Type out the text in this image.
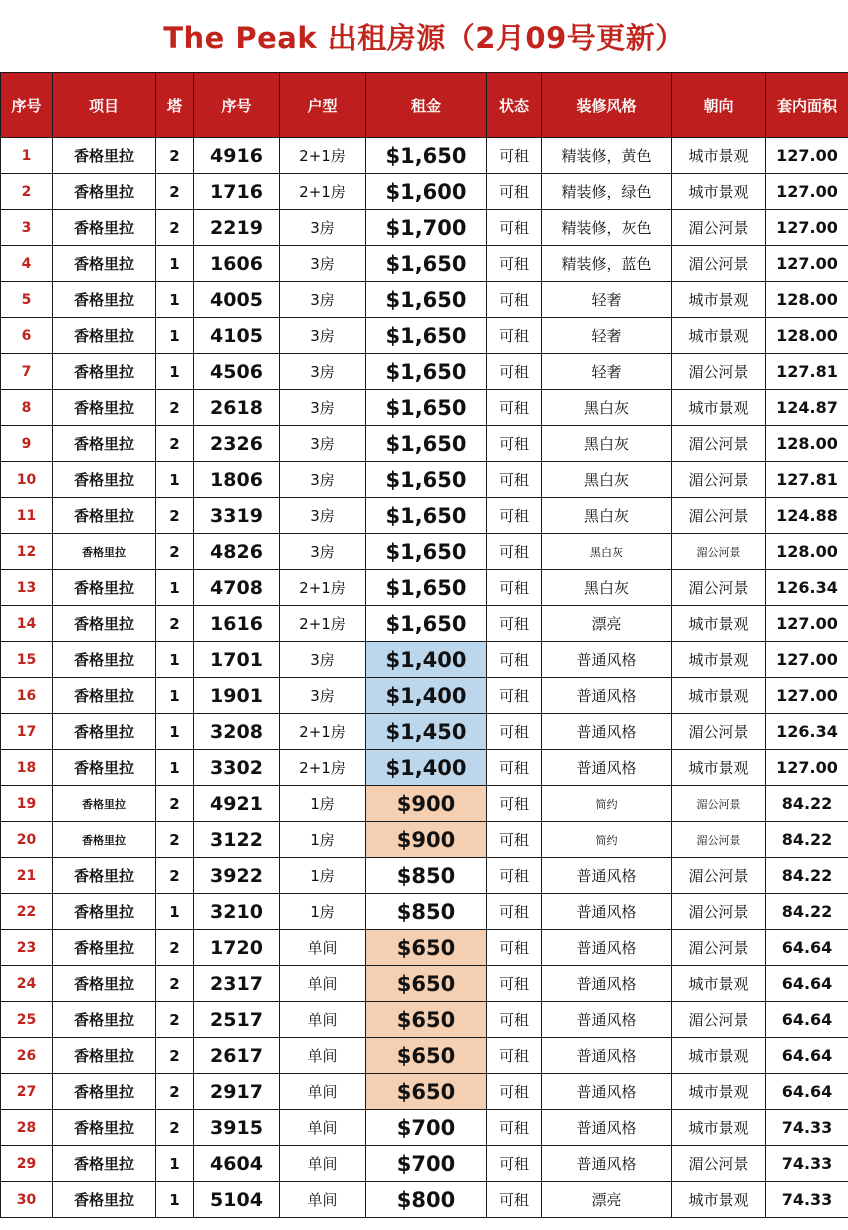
The Peak 出租房源（2月09号更新）
序号	项目	塔	序号	户型	租金	状态	装修风格	朝向	套内面积
1	香格里拉	2	4916	2+1房	$1,650	可租	精装修，黄色	城市景观	127.00
2	香格里拉	2	1716	2+1房	$1,600	可租	精装修，绿色	城市景观	127.00
3	香格里拉	2	2219	3房	$1,700	可租	精装修，灰色	湄公河景	127.00
4	香格里拉	1	1606	3房	$1,650	可租	精装修，蓝色	湄公河景	127.00
5	香格里拉	1	4005	3房	$1,650	可租	轻奢	城市景观	128.00
6	香格里拉	1	4105	3房	$1,650	可租	轻奢	城市景观	128.00
7	香格里拉	1	4506	3房	$1,650	可租	轻奢	湄公河景	127.81
8	香格里拉	2	2618	3房	$1,650	可租	黑白灰	城市景观	124.87
9	香格里拉	2	2326	3房	$1,650	可租	黑白灰	湄公河景	128.00
10	香格里拉	1	1806	3房	$1,650	可租	黑白灰	湄公河景	127.81
11	香格里拉	2	3319	3房	$1,650	可租	黑白灰	湄公河景	124.88
12	香格里拉	2	4826	3房	$1,650	可租	黑白灰	湄公河景	128.00
13	香格里拉	1	4708	2+1房	$1,650	可租	黑白灰	湄公河景	126.34
14	香格里拉	2	1616	2+1房	$1,650	可租	漂亮	城市景观	127.00
15	香格里拉	1	1701	3房	$1,400	可租	普通风格	城市景观	127.00
16	香格里拉	1	1901	3房	$1,400	可租	普通风格	城市景观	127.00
17	香格里拉	1	3208	2+1房	$1,450	可租	普通风格	湄公河景	126.34
18	香格里拉	1	3302	2+1房	$1,400	可租	普通风格	城市景观	127.00
19	香格里拉	2	4921	1房	$900	可租	简约	湄公河景	84.22
20	香格里拉	2	3122	1房	$900	可租	简约	湄公河景	84.22
21	香格里拉	2	3922	1房	$850	可租	普通风格	湄公河景	84.22
22	香格里拉	1	3210	1房	$850	可租	普通风格	湄公河景	84.22
23	香格里拉	2	1720	单间	$650	可租	普通风格	湄公河景	64.64
24	香格里拉	2	2317	单间	$650	可租	普通风格	城市景观	64.64
25	香格里拉	2	2517	单间	$650	可租	普通风格	湄公河景	64.64
26	香格里拉	2	2617	单间	$650	可租	普通风格	城市景观	64.64
27	香格里拉	2	2917	单间	$650	可租	普通风格	城市景观	64.64
28	香格里拉	2	3915	单间	$700	可租	普通风格	城市景观	74.33
29	香格里拉	1	4604	单间	$700	可租	普通风格	湄公河景	74.33
30	香格里拉	1	5104	单间	$800	可租	漂亮	城市景观	74.33
